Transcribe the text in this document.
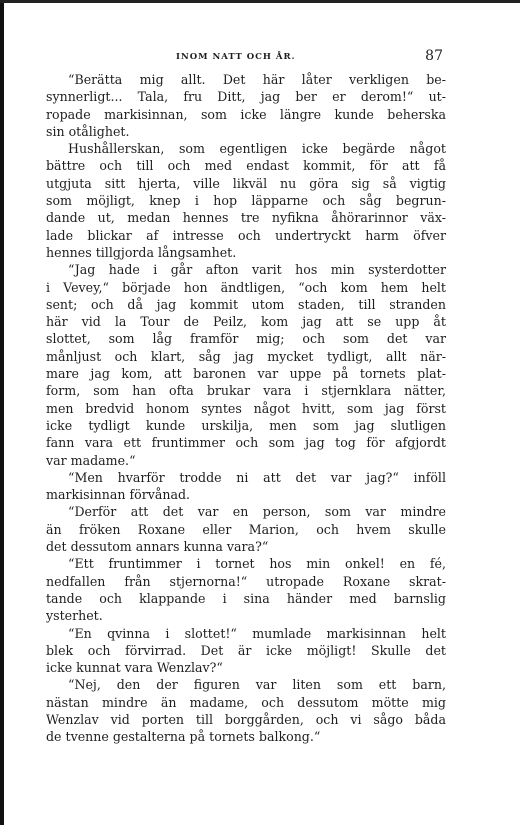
INOM NATT OCH ÅR.	87
“Berätta mig allt. Det här låter verkligen be-
synnerligt... Tala, fru Ditt, jag ber er derom!“ ut-
ropade markisinnan, som icke längre kunde beherska
sin otålighet.
Hushållerskan, som egentligen icke begärde något
bättre och till och med endast kommit, för att få
utgjuta sitt hjerta, ville likväl nu göra sig så vigtig
som möjligt, knep i hop läpparne och såg begrun-
dande ut, medan hennes tre nyfikna åhörarinnor väx-
lade blickar af intresse och undertryckt harm öfver
hennes tillgjorda långsamhet.
“Jag hade i går afton varit hos min systerdotter
i Vevey,“ började hon ändtligen, “och kom hem helt
sent; och då jag kommit utom staden, till stranden
här vid la Tour de Peilz, kom jag att se upp åt
slottet, som låg framför mig; och som det var
månljust och klart, såg jag mycket tydligt, allt när-
mare jag kom, att baronen var uppe på tornets plat-
form, som han ofta brukar vara i stjernklara nätter,
men bredvid honom syntes något hvitt, som jag först
icke tydligt kunde urskilja, men som jag slutligen
fann vara ett fruntimmer och som jag tog för afgjordt
var madame.“
“Men hvarför trodde ni att det var jag?“ inföll
markisinnan förvånad.
“Derför att det var en person, som var mindre
än fröken Roxane eller Marion, och hvem skulle
det dessutom annars kunna vara?“
“Ett fruntimmer i tornet hos min onkel! en fé,
nedfallen från stjernorna!“ utropade Roxane skrat-
tande och klappande i sina händer med barnslig
ysterhet.
“En qvinna i slottet!“ mumlade markisinnan helt
blek och förvirrad. Det är icke möjligt! Skulle det
icke kunnat vara Wenzlav?“
“Nej, den der figuren var liten som ett barn,
nästan mindre än madame, och dessutom mötte mig
Wenzlav vid porten till borggården, och vi sågo båda
de tvenne gestalterna på tornets balkong.“
